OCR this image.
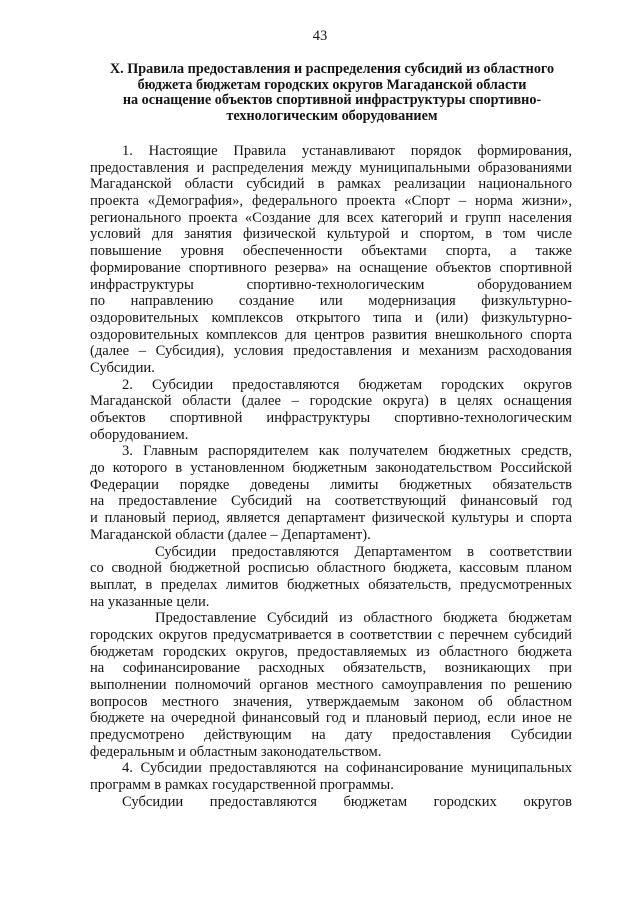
43
X. Правила предоставления и распределения субсидий из областного
бюджета бюджетам городских округов Магаданской области
на оснащение объектов спортивной инфраструктуры спортивно-
технологическим оборудованием
1. Настоящие Правила устанавливают порядок формирования,
предоставления и распределения между муниципальными образованиями
Магаданской области субсидий в рамках реализации национального
проекта «Демография», федерального проекта «Спорт – норма жизни»,
регионального проекта «Создание для всех категорий и групп населения
условий для занятия физической культурой и спортом, в том числе
повышение уровня обеспеченности объектами спорта, а также
формирование спортивного резерва» на оснащение объектов спортивной
инфраструктуры спортивно-технологическим оборудованием
по направлению создание или модернизация физкультурно-
оздоровительных комплексов открытого типа и (или) физкультурно-
оздоровительных комплексов для центров развития внешкольного спорта
(далее – Субсидия), условия предоставления и механизм расходования
Субсидии.
2. Субсидии предоставляются бюджетам городских округов
Магаданской области (далее – городские округа) в целях оснащения
объектов спортивной инфраструктуры спортивно-технологическим
оборудованием.
3. Главным распорядителем как получателем бюджетных средств,
до которого в установленном бюджетным законодательством Российской
Федерации порядке доведены лимиты бюджетных обязательств
на предоставление Субсидий на соответствующий финансовый год
и плановый период, является департамент физической культуры и спорта
Магаданской области (далее – Департамент).
Субсидии предоставляются Департаментом в соответствии
со сводной бюджетной росписью областного бюджета, кассовым планом
выплат, в пределах лимитов бюджетных обязательств, предусмотренных
на указанные цели.
Предоставление Субсидий из областного бюджета бюджетам
городских округов предусматривается в соответствии с перечнем субсидий
бюджетам городских округов, предоставляемых из областного бюджета
на софинансирование расходных обязательств, возникающих при
выполнении полномочий органов местного самоуправления по решению
вопросов местного значения, утверждаемым законом об областном
бюджете на очередной финансовый год и плановый период, если иное не
предусмотрено действующим на дату предоставления Субсидии
федеральным и областным законодательством.
4. Субсидии предоставляются на софинансирование муниципальных
программ в рамках государственной программы.
Субсидии предоставляются бюджетам городских округов
